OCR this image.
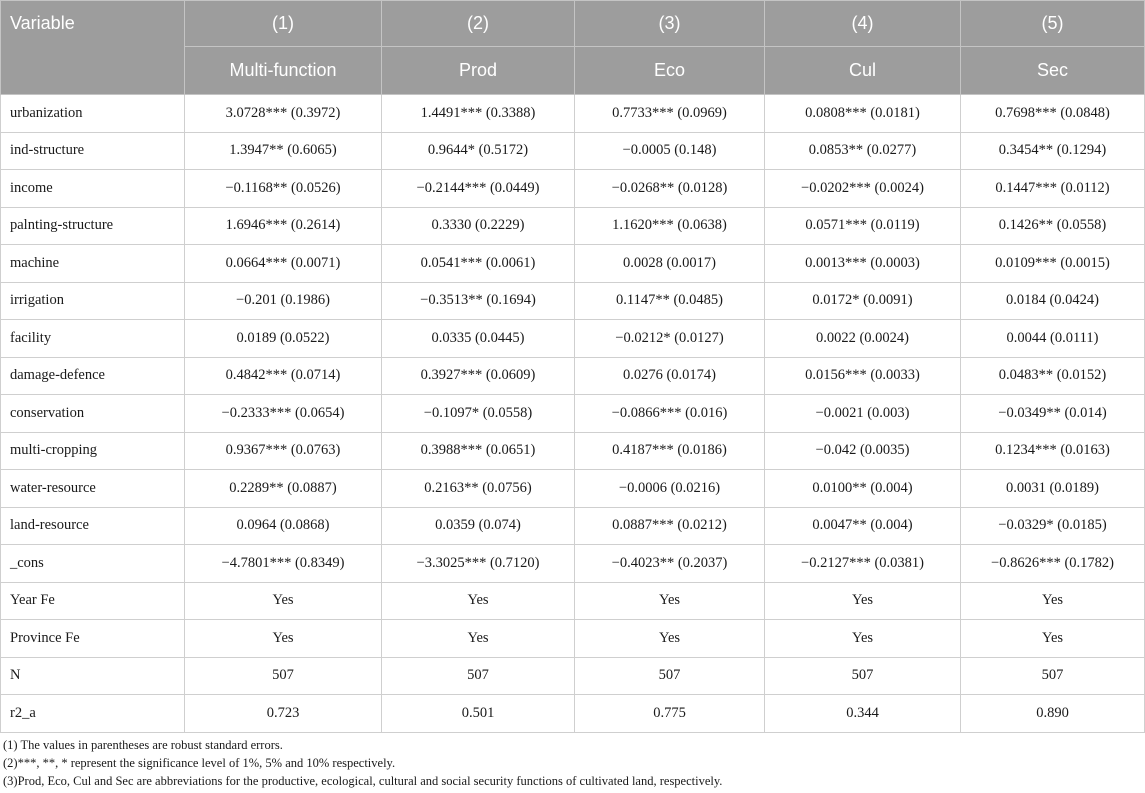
Variable	(1)	(2)	(3)	(4)	(5)
	Multi-function	Prod	Eco	Cul	Sec
urbanization	3.0728*** (0.3972)	1.4491*** (0.3388)	0.7733*** (0.0969)	0.0808*** (0.0181)	0.7698*** (0.0848)
ind-structure	1.3947** (0.6065)	0.9644* (0.5172)	−0.0005 (0.148)	0.0853** (0.0277)	0.3454** (0.1294)
income	−0.1168** (0.0526)	−0.2144*** (0.0449)	−0.0268** (0.0128)	−0.0202*** (0.0024)	0.1447*** (0.0112)
palnting-structure	1.6946*** (0.2614)	0.3330 (0.2229)	1.1620*** (0.0638)	0.0571*** (0.0119)	0.1426** (0.0558)
machine	0.0664*** (0.0071)	0.0541*** (0.0061)	0.0028 (0.0017)	0.0013*** (0.0003)	0.0109*** (0.0015)
irrigation	−0.201 (0.1986)	−0.3513** (0.1694)	0.1147** (0.0485)	0.0172* (0.0091)	0.0184 (0.0424)
facility	0.0189 (0.0522)	0.0335 (0.0445)	−0.0212* (0.0127)	0.0022 (0.0024)	0.0044 (0.0111)
damage-defence	0.4842*** (0.0714)	0.3927*** (0.0609)	0.0276 (0.0174)	0.0156*** (0.0033)	0.0483** (0.0152)
conservation	−0.2333*** (0.0654)	−0.1097* (0.0558)	−0.0866*** (0.016)	−0.0021 (0.003)	−0.0349** (0.014)
multi-cropping	0.9367*** (0.0763)	0.3988*** (0.0651)	0.4187*** (0.0186)	−0.042 (0.0035)	0.1234*** (0.0163)
water-resource	0.2289** (0.0887)	0.2163** (0.0756)	−0.0006 (0.0216)	0.0100** (0.004)	0.0031 (0.0189)
land-resource	0.0964 (0.0868)	0.0359 (0.074)	0.0887*** (0.0212)	0.0047** (0.004)	−0.0329* (0.0185)
_cons	−4.7801*** (0.8349)	−3.3025*** (0.7120)	−0.4023** (0.2037)	−0.2127*** (0.0381)	−0.8626*** (0.1782)
Year Fe	Yes	Yes	Yes	Yes	Yes
Province Fe	Yes	Yes	Yes	Yes	Yes
N	507	507	507	507	507
r2_a	0.723	0.501	0.775	0.344	0.890

(1) The values in parentheses are robust standard errors.

(2)***, **, * represent the significance level of 1%, 5% and 10% respectively.

(3)Prod, Eco, Cul and Sec are abbreviations for the productive, ecological, cultural and social security functions of cultivated land, respectively.
